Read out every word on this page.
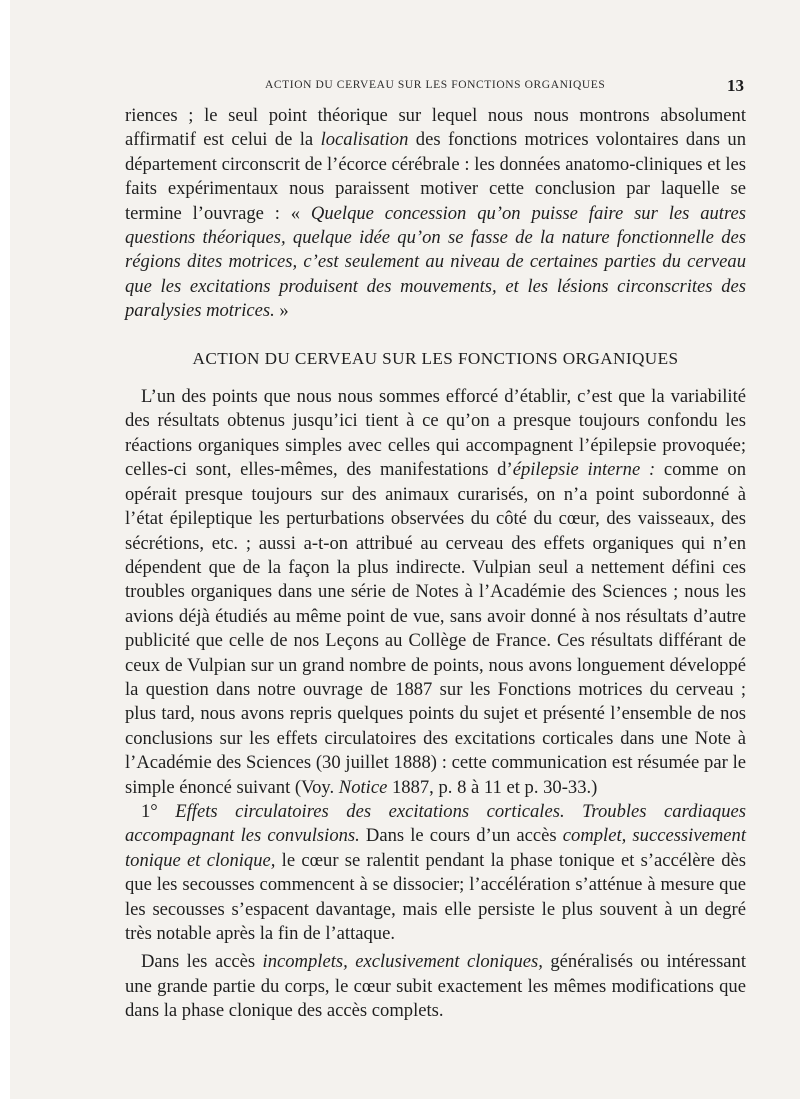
ACTION DU CERVEAU SUR LES FONCTIONS ORGANIQUES	13

riences ; le seul point théorique sur lequel nous nous montrons absolument affirmatif est celui de la localisation des fonctions motrices volontaires dans un département circonscrit de l’écorce cérébrale : les données anatomo-cliniques et les faits expérimentaux nous paraissent motiver cette conclusion par laquelle se termine l’ouvrage : « Quelque concession qu’on puisse faire sur les autres questions théoriques, quelque idée qu’on se fasse de la nature fonctionnelle des régions dites motrices, c’est seulement au niveau de certaines parties du cerveau que les excitations produisent des mouvements, et les lésions circonscrites des paralysies motrices. »

ACTION DU CERVEAU SUR LES FONCTIONS ORGANIQUES

L’un des points que nous nous sommes efforcé d’établir, c’est que la variabilité des résultats obtenus jusqu’ici tient à ce qu’on a presque toujours confondu les réactions organiques simples avec celles qui accompagnent l’épilepsie provoquée; celles-ci sont, elles-mêmes, des manifestations d’épilepsie interne : comme on opérait presque toujours sur des animaux curarisés, on n’a point subordonné à l’état épileptique les perturbations observées du côté du cœur, des vaisseaux, des sécrétions, etc. ; aussi a-t-on attribué au cerveau des effets organiques qui n’en dépendent que de la façon la plus indirecte. Vulpian seul a nettement défini ces troubles organiques dans une série de Notes à l’Académie des Sciences ; nous les avions déjà étudiés au même point de vue, sans avoir donné à nos résultats d’autre publicité que celle de nos Leçons au Collège de France. Ces résultats différant de ceux de Vulpian sur un grand nombre de points, nous avons longuement développé la question dans notre ouvrage de 1887 sur les Fonctions motrices du cerveau ; plus tard, nous avons repris quelques points du sujet et présenté l’ensemble de nos conclusions sur les effets circulatoires des excitations corticales dans une Note à l’Académie des Sciences (30 juillet 1888) : cette communication est résumée par le simple énoncé suivant (Voy. Notice 1887, p. 8 à 11 et p. 30-33.)

1° Effets circulatoires des excitations corticales. Troubles cardiaques accompagnant les convulsions. Dans le cours d’un accès complet, successivement tonique et clonique, le cœur se ralentit pendant la phase tonique et s’accélère dès que les secousses commencent à se dissocier; l’accélération s’atténue à mesure que les secousses s’espacent davantage, mais elle persiste le plus souvent à un degré très notable après la fin de l’attaque.

Dans les accès incomplets, exclusivement cloniques, généralisés ou intéressant une grande partie du corps, le cœur subit exactement les mêmes modifications que dans la phase clonique des accès complets.
